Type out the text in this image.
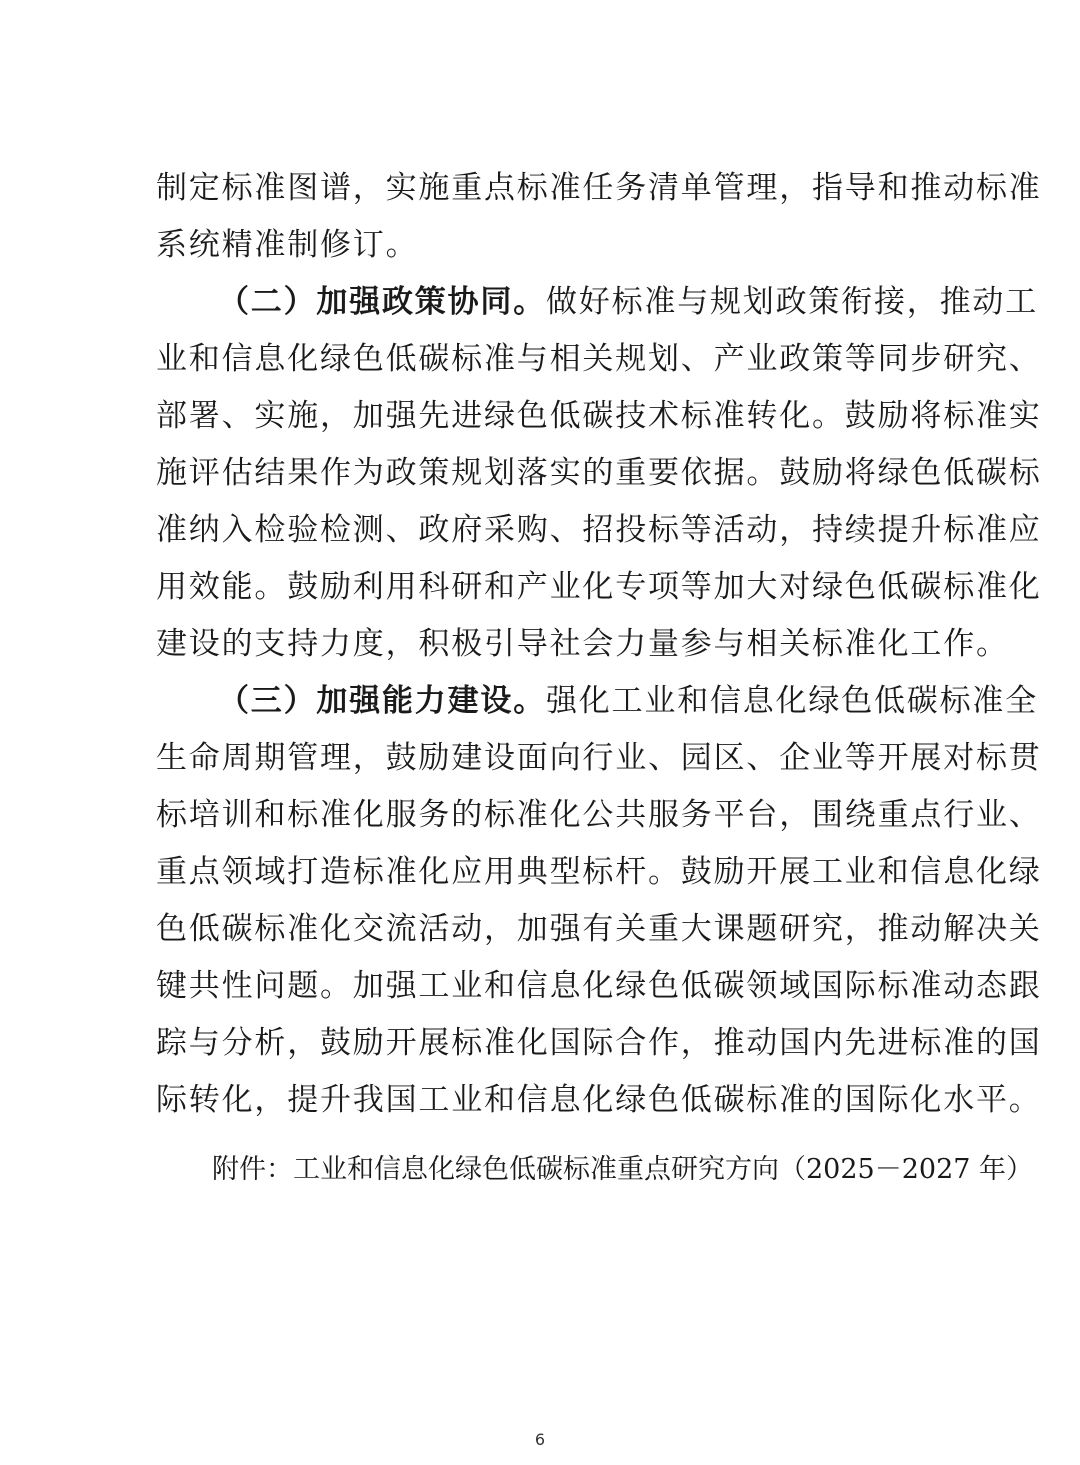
制定标准图谱，实施重点标准任务清单管理，指导和推动标准
系统精准制修订。
（二）加强政策协同。做好标准与规划政策衔接，推动工
业和信息化绿色低碳标准与相关规划、产业政策等同步研究、
部署、实施，加强先进绿色低碳技术标准转化。鼓励将标准实
施评估结果作为政策规划落实的重要依据。鼓励将绿色低碳标
准纳入检验检测、政府采购、招投标等活动，持续提升标准应
用效能。鼓励利用科研和产业化专项等加大对绿色低碳标准化
建设的支持力度，积极引导社会力量参与相关标准化工作。
（三）加强能力建设。强化工业和信息化绿色低碳标准全
生命周期管理，鼓励建设面向行业、园区、企业等开展对标贯
标培训和标准化服务的标准化公共服务平台，围绕重点行业、
重点领域打造标准化应用典型标杆。鼓励开展工业和信息化绿
色低碳标准化交流活动，加强有关重大课题研究，推动解决关
键共性问题。加强工业和信息化绿色低碳领域国际标准动态跟
踪与分析，鼓励开展标准化国际合作，推动国内先进标准的国
际转化，提升我国工业和信息化绿色低碳标准的国际化水平。
附件：工业和信息化绿色低碳标准重点研究方向（2025－2027 年）
6
